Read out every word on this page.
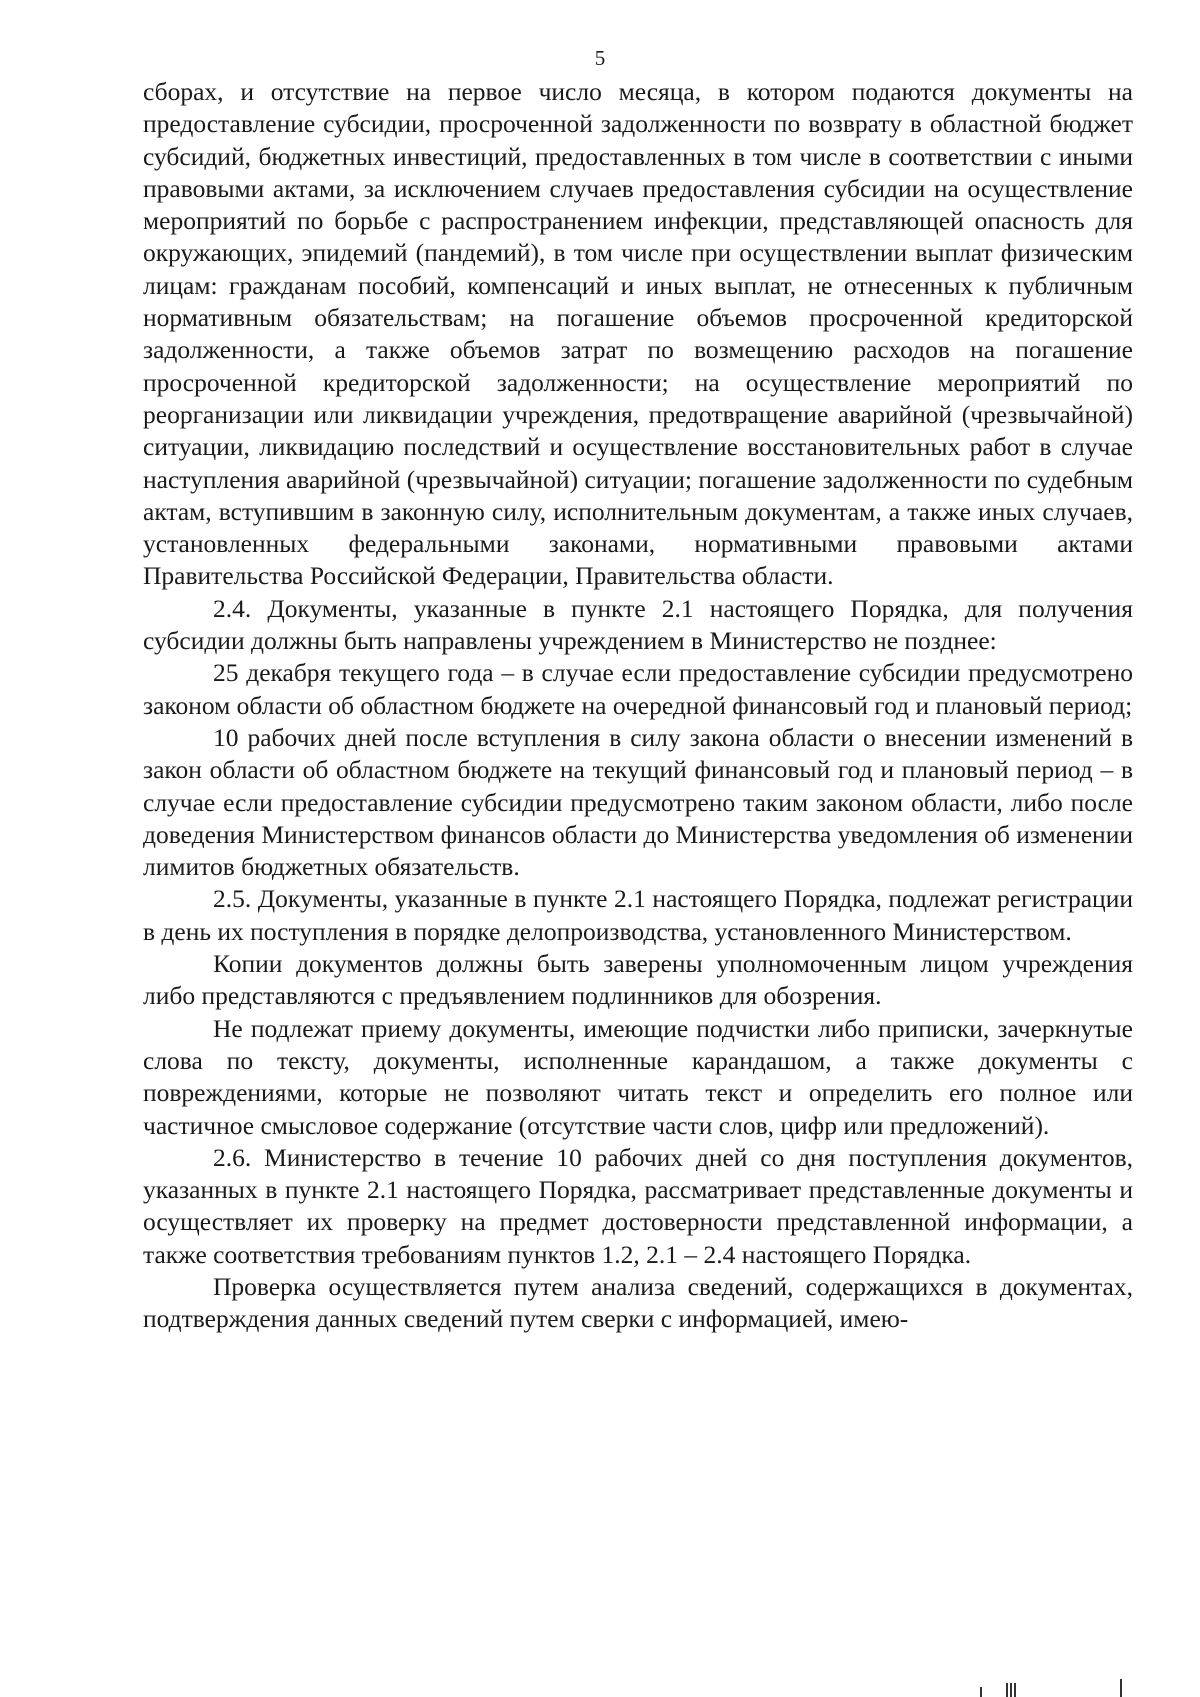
5

сборах, и отсутствие на первое число месяца, в котором подаются документы на предоставление субсидии, просроченной задолженности по возврату в областной бюджет субсидий, бюджетных инвестиций, предоставленных в том числе в соответствии с иными правовыми актами, за исключением случаев предоставления субсидии на осуществление мероприятий по борьбе с распространением инфекции, представляющей опасность для окружающих, эпидемий (пандемий), в том числе при осуществлении выплат физическим лицам: гражданам пособий, компенсаций и иных выплат, не отнесенных к публичным нормативным обязательствам; на погашение объемов просроченной кредиторской задолженности, а также объемов затрат по возмещению расходов на погашение просроченной кредиторской задолженности; на осуществление мероприятий по реорганизации или ликвидации учреждения, предотвращение аварийной (чрезвычайной) ситуации, ликвидацию последствий и осуществление восстановительных работ в случае наступления аварийной (чрезвычайной) ситуации; погашение задолженности по судебным актам, вступившим в законную силу, исполнительным документам, а также иных случаев, установленных федеральными законами, нормативными правовыми актами Правительства Российской Федерации, Правительства области.

2.4. Документы, указанные в пункте 2.1 настоящего Порядка, для получения субсидии должны быть направлены учреждением в Министерство не позднее:

25 декабря текущего года – в случае если предоставление субсидии предусмотрено законом области об областном бюджете на очередной финансовый год и плановый период;

10 рабочих дней после вступления в силу закона области о внесении изменений в закон области об областном бюджете на текущий финансовый год и плановый период – в случае если предоставление субсидии предусмотрено таким законом области, либо после доведения Министерством финансов области до Министерства уведомления об изменении лимитов бюджетных обязательств.

2.5. Документы, указанные в пункте 2.1 настоящего Порядка, подлежат регистрации в день их поступления в порядке делопроизводства, установленного Министерством.

Копии документов должны быть заверены уполномоченным лицом учреждения либо представляются с предъявлением подлинников для обозрения.

Не подлежат приему документы, имеющие подчистки либо приписки, зачеркнутые слова по тексту, документы, исполненные карандашом, а также документы с повреждениями, которые не позволяют читать текст и определить его полное или частичное смысловое содержание (отсутствие части слов, цифр или предложений).

2.6. Министерство в течение 10 рабочих дней со дня поступления документов, указанных в пункте 2.1 настоящего Порядка, рассматривает представленные документы и осуществляет их проверку на предмет достоверности представленной информации, а также соответствия требованиям пунктов 1.2, 2.1 – 2.4 настоящего Порядка.

Проверка осуществляется путем анализа сведений, содержащихся в документах, подтверждения данных сведений путем сверки с информацией, имею-
